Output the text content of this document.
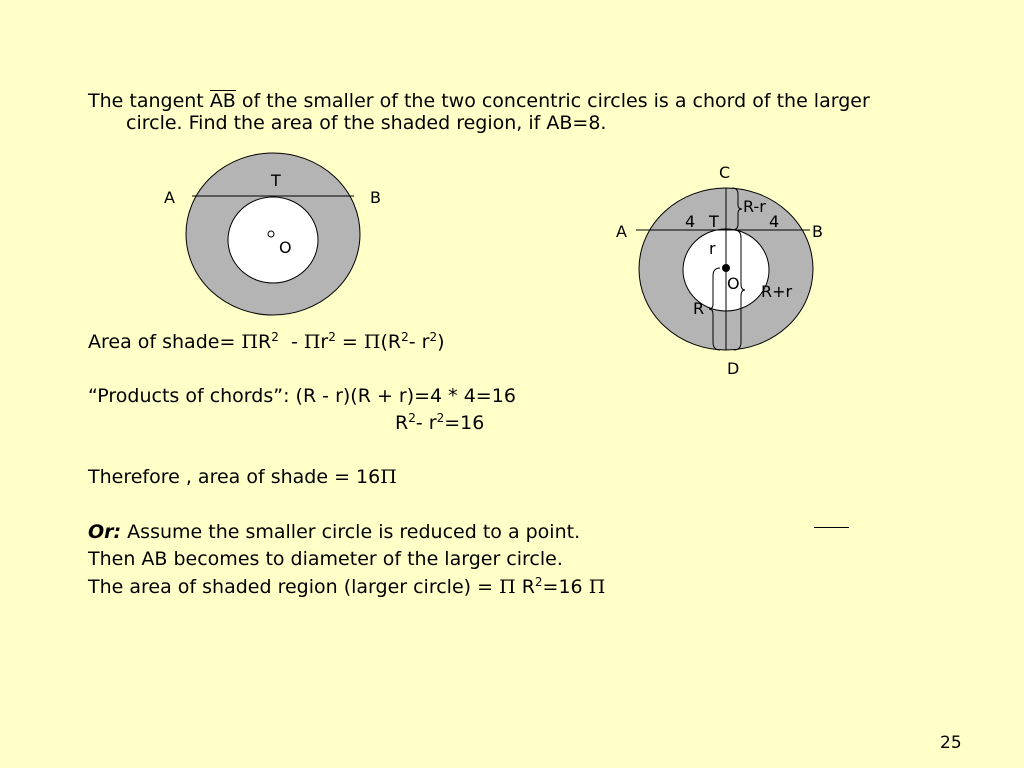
The tangent AB of the smaller of the two concentric circles is a chord of the larger
circle. Find the area of the shaded region, if AB=8.
T
A	B
O
C
A	B
4 T	4
R-r
r
O R+r
R
D
Area of shade= $\Pi R^2 - \Pi r^2 = \Pi(R^2-$ $r^2$)
“Products of chords”: (R - r)(R + r)=4 * 4=16
$R^2-$ $r^2=16$
Therefore , area of shade = 16Π
Or: Assume the smaller circle is reduced to a point.
Then AB becomes to diameter of the larger circle.
The area of shaded region (larger circle) = Π $R^2=16$ Π
25
